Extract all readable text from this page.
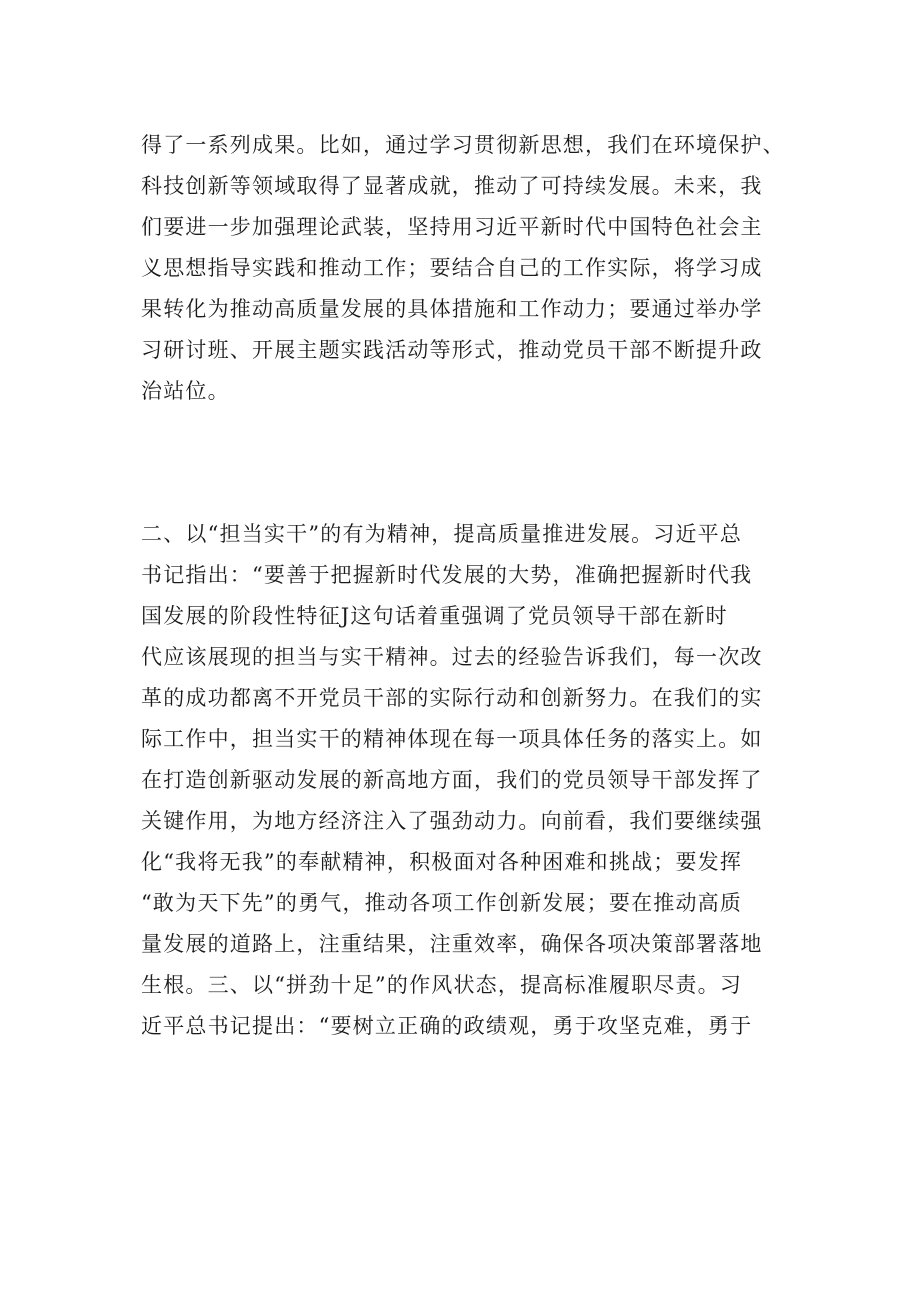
得了一系列成果。比如，通过学习贯彻新思想，我们在环境保护、
科技创新等领域取得了显著成就，推动了可持续发展。未来，我
们要进一步加强理论武装，坚持用习近平新时代中国特色社会主
义思想指导实践和推动工作；要结合自己的工作实际，将学习成
果转化为推动高质量发展的具体措施和工作动力；要通过举办学
习研讨班、开展主题实践活动等形式，推动党员干部不断提升政
治站位。
二、以“担当实干”的有为精神，提高质量推进发展。习近平总
书记指出：“要善于把握新时代发展的大势，准确把握新时代我
国发展的阶段性特征J这句话着重强调了党员领导干部在新时
代应该展现的担当与实干精神。过去的经验告诉我们，每一次改
革的成功都离不开党员干部的实际行动和创新努力。在我们的实
际工作中，担当实干的精神体现在每一项具体任务的落实上。如
在打造创新驱动发展的新高地方面，我们的党员领导干部发挥了
关键作用，为地方经济注入了强劲动力。向前看，我们要继续强
化“我将无我”的奉献精神，积极面对各种困难和挑战；要发挥
“敢为天下先”的勇气，推动各项工作创新发展；要在推动高质
量发展的道路上，注重结果，注重效率，确保各项决策部署落地
生根。三、以“拼劲十足”的作风状态，提高标准履职尽责。习
近平总书记提出：“要树立正确的政绩观，勇于攻坚克难，勇于
